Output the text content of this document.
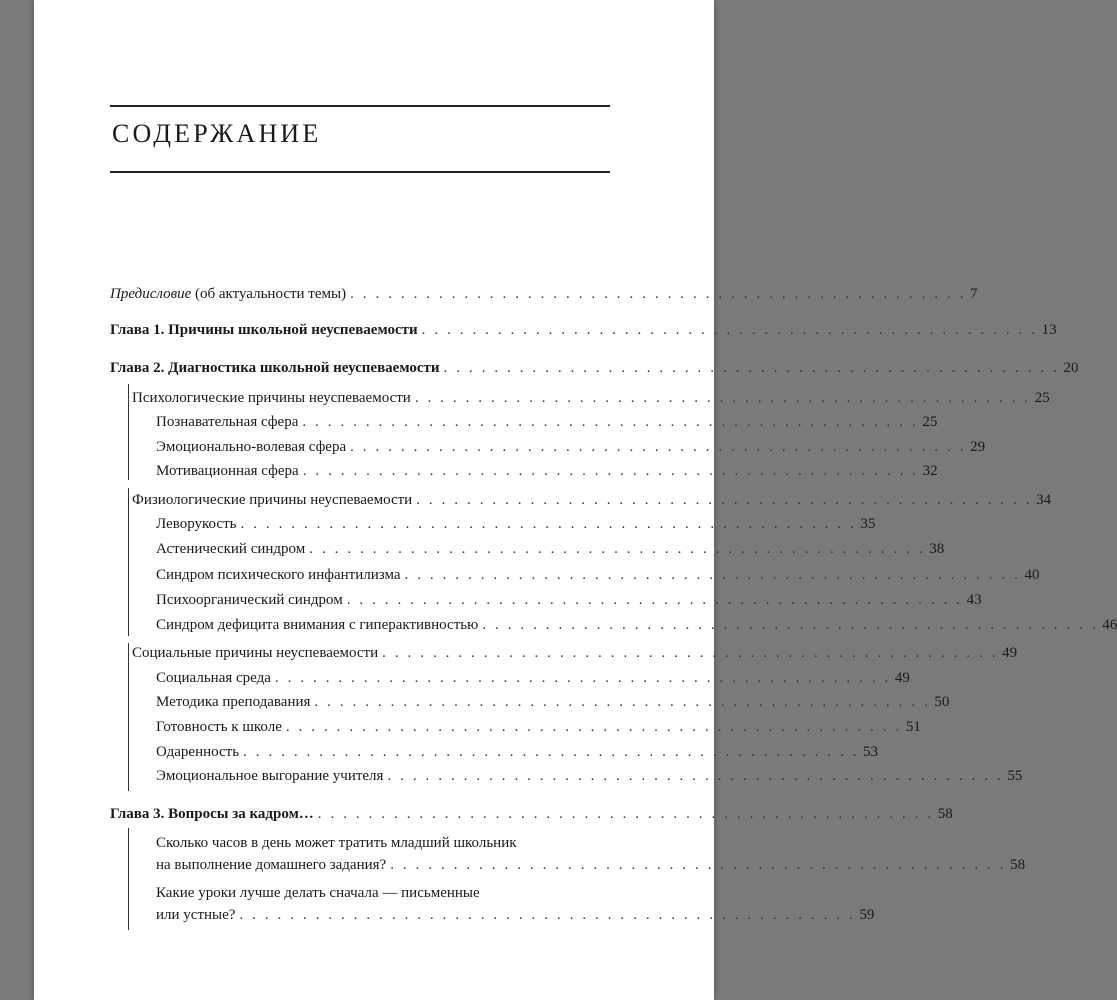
СОДЕРЖАНИЕ
Предисловие (об актуальности темы) . . . . . . . . . . . . . . . . . . . . . . . . . . . . . . . . . . . . . . . . . . . . . . . . . 7
Глава 1. Причины школьной неуспеваемости . . . . . . . . . . . . . . . . . . . . . . . . . . . . . . . . . . . . . . . . . . . . . . . . . 13
Глава 2. Диагностика школьной неуспеваемости . . . . . . . . . . . . . . . . . . . . . . . . . . . . . . . . . . . . . . . . . . . . . . . . . 20
Психологические причины неуспеваемости . . . . . . . . . . . . . . . . . . . . . . . . . . . . . . . . . . . . . . . . . . . . . . . . . 25
Познавательная сфера . . . . . . . . . . . . . . . . . . . . . . . . . . . . . . . . . . . . . . . . . . . . . . . . . 25
Эмоционально-волевая сфера . . . . . . . . . . . . . . . . . . . . . . . . . . . . . . . . . . . . . . . . . . . . . . . . . 29
Мотивационная сфера . . . . . . . . . . . . . . . . . . . . . . . . . . . . . . . . . . . . . . . . . . . . . . . . . 32
Физиологические причины неуспеваемости . . . . . . . . . . . . . . . . . . . . . . . . . . . . . . . . . . . . . . . . . . . . . . . . . 34
Леворукость . . . . . . . . . . . . . . . . . . . . . . . . . . . . . . . . . . . . . . . . . . . . . . . . . 35
Астенический синдром . . . . . . . . . . . . . . . . . . . . . . . . . . . . . . . . . . . . . . . . . . . . . . . . . 38
Синдром психического инфантилизма . . . . . . . . . . . . . . . . . . . . . . . . . . . . . . . . . . . . . . . . . . . . . . . . . 40
Психоорганический синдром . . . . . . . . . . . . . . . . . . . . . . . . . . . . . . . . . . . . . . . . . . . . . . . . . 43
Синдром дефицита внимания с гиперактивностью . . . . . . . . . . . . . . . . . . . . . . . . . . . . . . . . . . . . . . . . . . . . . . . . . 46
Социальные причины неуспеваемости . . . . . . . . . . . . . . . . . . . . . . . . . . . . . . . . . . . . . . . . . . . . . . . . . 49
Социальная среда . . . . . . . . . . . . . . . . . . . . . . . . . . . . . . . . . . . . . . . . . . . . . . . . . 49
Методика преподавания . . . . . . . . . . . . . . . . . . . . . . . . . . . . . . . . . . . . . . . . . . . . . . . . . 50
Готовность к школе . . . . . . . . . . . . . . . . . . . . . . . . . . . . . . . . . . . . . . . . . . . . . . . . . 51
Одаренность . . . . . . . . . . . . . . . . . . . . . . . . . . . . . . . . . . . . . . . . . . . . . . . . . 53
Эмоциональное выгорание учителя . . . . . . . . . . . . . . . . . . . . . . . . . . . . . . . . . . . . . . . . . . . . . . . . . 55
Глава 3. Вопросы за кадром… . . . . . . . . . . . . . . . . . . . . . . . . . . . . . . . . . . . . . . . . . . . . . . . . . 58
Сколько часов в день может тратить младший школьник
на выполнение домашнего задания? . . . . . . . . . . . . . . . . . . . . . . . . . . . . . . . . . . . . . . . . . . . . . . . . . 58
Какие уроки лучше делать сначала — письменные
или устные? . . . . . . . . . . . . . . . . . . . . . . . . . . . . . . . . . . . . . . . . . . . . . . . . . 59
